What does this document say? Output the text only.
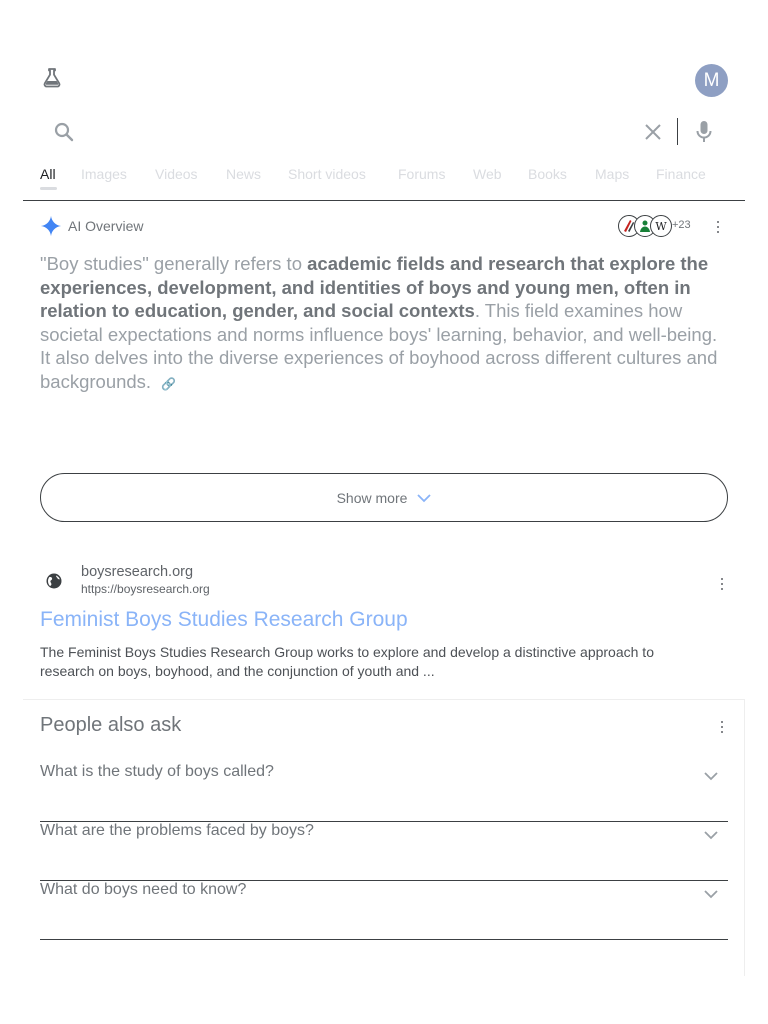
M
All Images Videos News Short videos Forums Web Books Maps Finance
AI Overview	W +23
"Boy studies" generally refers to academic fields and research that explore the experiences, development, and identities of boys and young men, often in relation to education, gender, and social contexts. This field examines how societal expectations and norms influence boys' learning, behavior, and well-being. It also delves into the diverse experiences of boyhood across different cultures and backgrounds. 🔗
Show more
boysresearch.org
https://boysresearch.org
Feminist Boys Studies Research Group
The Feminist Boys Studies Research Group works to explore and develop a distinctive approach to research on boys, boyhood, and the conjunction of youth and ...
People also ask
What is the study of boys called?
What are the problems faced by boys?
What do boys need to know?
